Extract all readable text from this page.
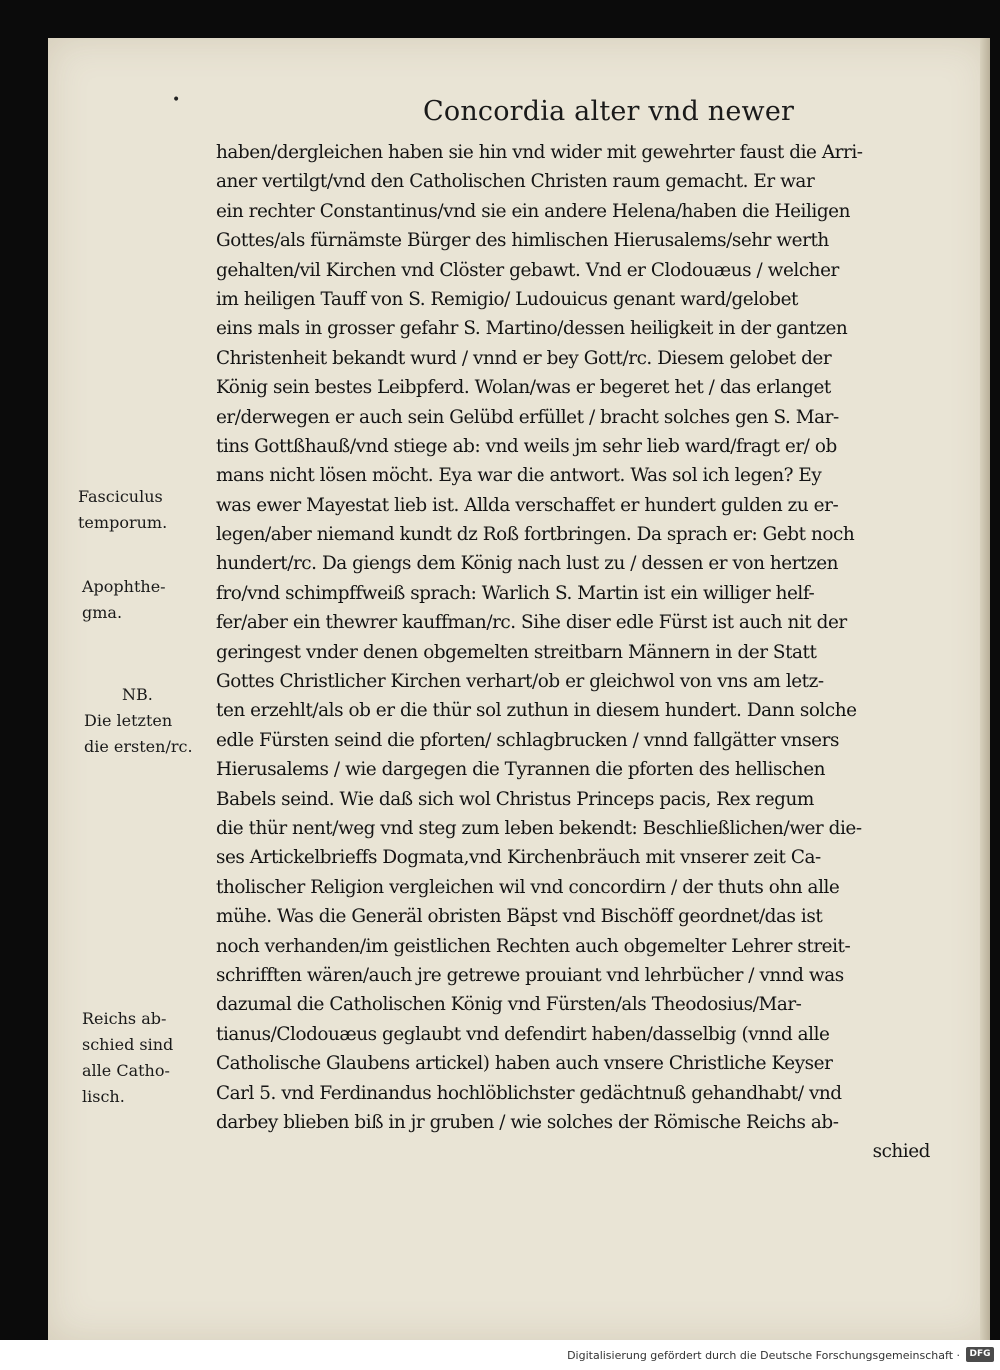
•	Concordia alter vnd newer
haben/dergleichen haben sie hin vnd wider mit gewehrter faust die Arri-
aner vertilgt/vnd den Catholischen Christen raum gemacht. Er war
ein rechter Constantinus/vnd sie ein andere Helena/haben die Heiligen
Gottes/als fürnämste Bürger des himlischen Hierusalems/sehr werth
gehalten/vil Kirchen vnd Clöster gebawt. Vnd er Clodouæus / welcher
im heiligen Tauff von S. Remigio/ Ludouicus genant ward/gelobet
eins mals in grosser gefahr S. Martino/dessen heiligkeit in der gantzen
Christenheit bekandt wurd / vnnd er bey Gott/rc. Diesem gelobet der
König sein bestes Leibpferd. Wolan/was er begeret het / das erlanget
er/derwegen er auch sein Gelübd erfüllet / bracht solches gen S. Mar-
tins Gottßhauß/vnd stiege ab: vnd weils jm sehr lieb ward/fragt er/ ob
mans nicht lösen möcht. Eya war die antwort. Was sol ich legen? Ey
was ewer Mayestat lieb ist. Allda verschaffet er hundert gulden zu er-
legen/aber niemand kundt dz Roß fortbringen. Da sprach er: Gebt noch
hundert/rc. Da giengs dem König nach lust zu / dessen er von hertzen
fro/vnd schimpffweiß sprach: Warlich S. Martin ist ein williger helf-
fer/aber ein thewrer kauffman/rc. Sihe diser edle Fürst ist auch nit der
geringest vnder denen obgemelten streitbarn Männern in der Statt
Gottes Christlicher Kirchen verhart/ob er gleichwol von vns am letz-
ten erzehlt/als ob er die thür sol zuthun in diesem hundert. Dann solche
edle Fürsten seind die pforten/ schlagbrucken / vnnd fallgätter vnsers
Hierusalems / wie dargegen die Tyrannen die pforten des hellischen
Babels seind. Wie daß sich wol Christus Princeps pacis, Rex regum
die thür nent/weg vnd steg zum leben bekendt: Beschließlichen/wer die-
ses Artickelbrieffs Dogmata,vnd Kirchenbräuch mit vnserer zeit Ca-
tholischer Religion vergleichen wil vnd concordirn / der thuts ohn alle
mühe. Was die Generäl obristen Bäpst vnd Bischöff geordnet/das ist
noch verhanden/im geistlichen Rechten auch obgemelter Lehrer streit-
schrifften wären/auch jre getrewe prouiant vnd lehrbücher / vnnd was
dazumal die Catholischen König vnd Fürsten/als Theodosius/Mar-
tianus/Clodouæus geglaubt vnd defendirt haben/dasselbig (vnnd alle
Catholische Glaubens artickel) haben auch vnsere Christliche Keyser
Carl 5. vnd Ferdinandus hochlöblichster gedächtnuß gehandhabt/ vnd
darbey blieben biß in jr gruben / wie solches der Römische Reichs ab-
schied
Fasciculus
temporum.
Apophthe-
gma.
NB.
Die letzten
die ersten/rc.
Reichs ab-
schied sind
alle Catho-
lisch.
Digitalisierung gefördert durch die Deutsche Forschungsgemeinschaft ·	DFG
